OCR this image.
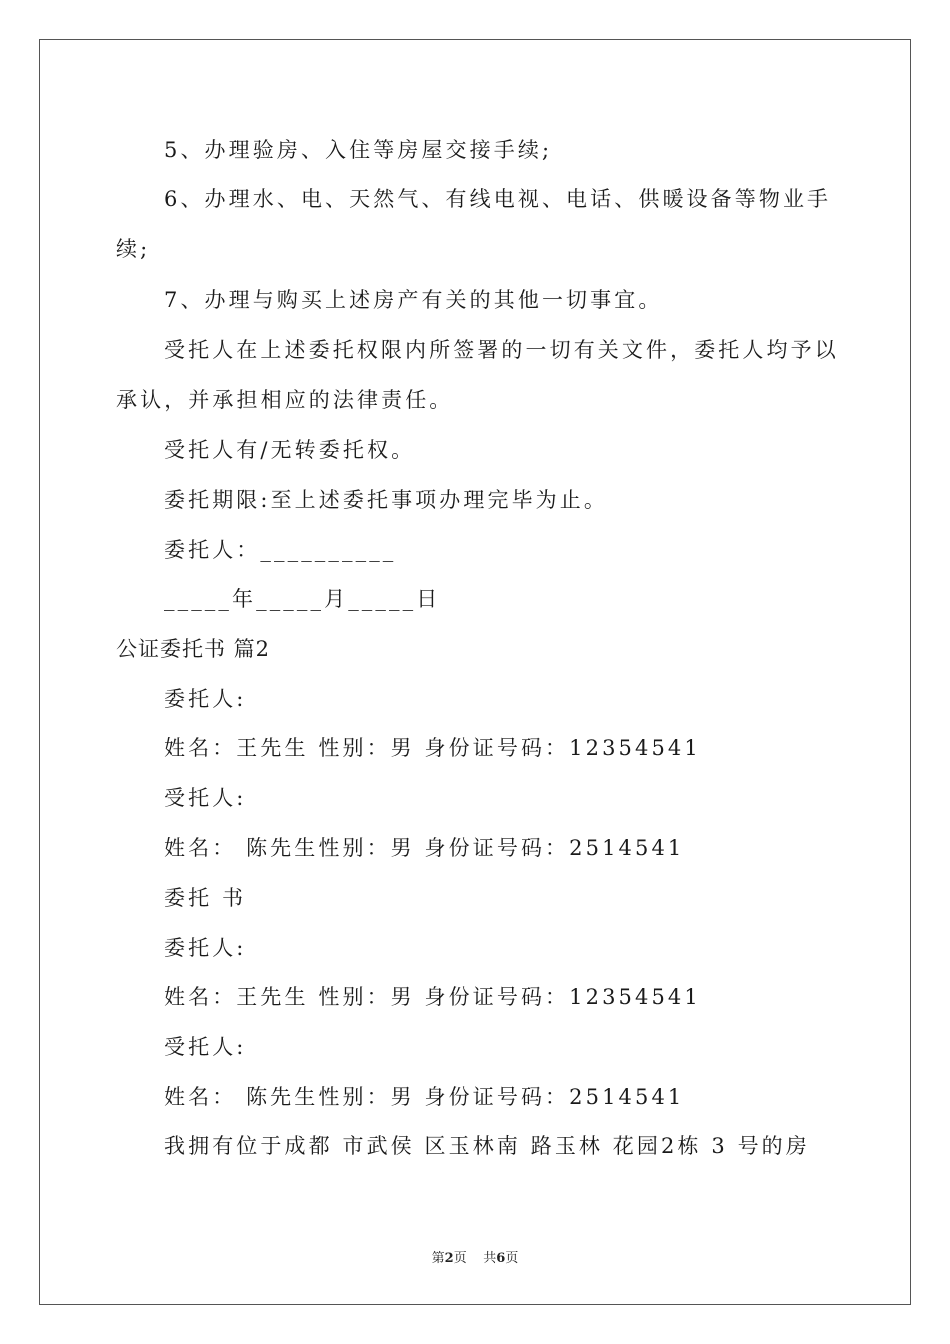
5、办理验房、入住等房屋交接手续;
6、办理水、电、天然气、有线电视、电话、供暖设备等物业手
续;
7、办理与购买上述房产有关的其他一切事宜。
受托人在上述委托权限内所签署的一切有关文件，委托人均予以
承认，并承担相应的法律责任。
受托人有/无转委托权。
委托期限:至上述委托事项办理完毕为止。
委托人：__________
_____年_____月_____日
公证委托书 篇2
委托人:
姓名：王先生 性别：男 身份证号码：12354541
受托人:
姓名： 陈先生性别：男 身份证号码：2514541
委托 书
委托人:
姓名：王先生 性别：男 身份证号码：12354541
受托人:
姓名： 陈先生性别：男 身份证号码：2514541
我拥有位于成都 市武侯 区玉林南 路玉林 花园2栋 3 号的房
第2页 共6页
